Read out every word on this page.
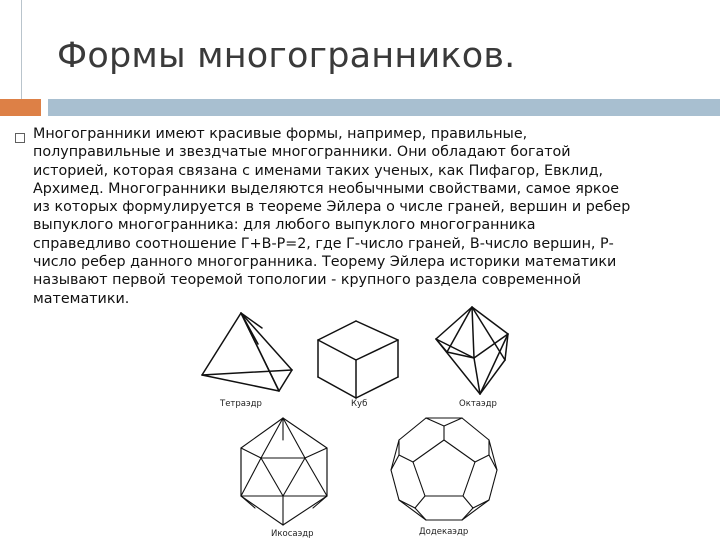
Формы многогранников.

Многогранники имеют красивые формы, например, правильные,
полуправильные и звездчатые многогранники. Они обладают богатой
историей, которая связана с именами таких ученых, как Пифагор, Евклид,
Архимед. Многогранники выделяются необычными свойствами, самое яркое
из которых формулируется в теореме Эйлера о числе граней, вершин и ребер
выпуклого многогранника: для любого выпуклого многогранника
справедливо соотношение Г+В-Р=2, где Г-число граней, В-число вершин, Р-
число ребер данного многогранника. Теорему Эйлера историки математики
называют первой теоремой топологии - крупного раздела современной
математики.

Тетраэдр	Куб	Октаэдр
Икосаэдр	Додекаэдр
